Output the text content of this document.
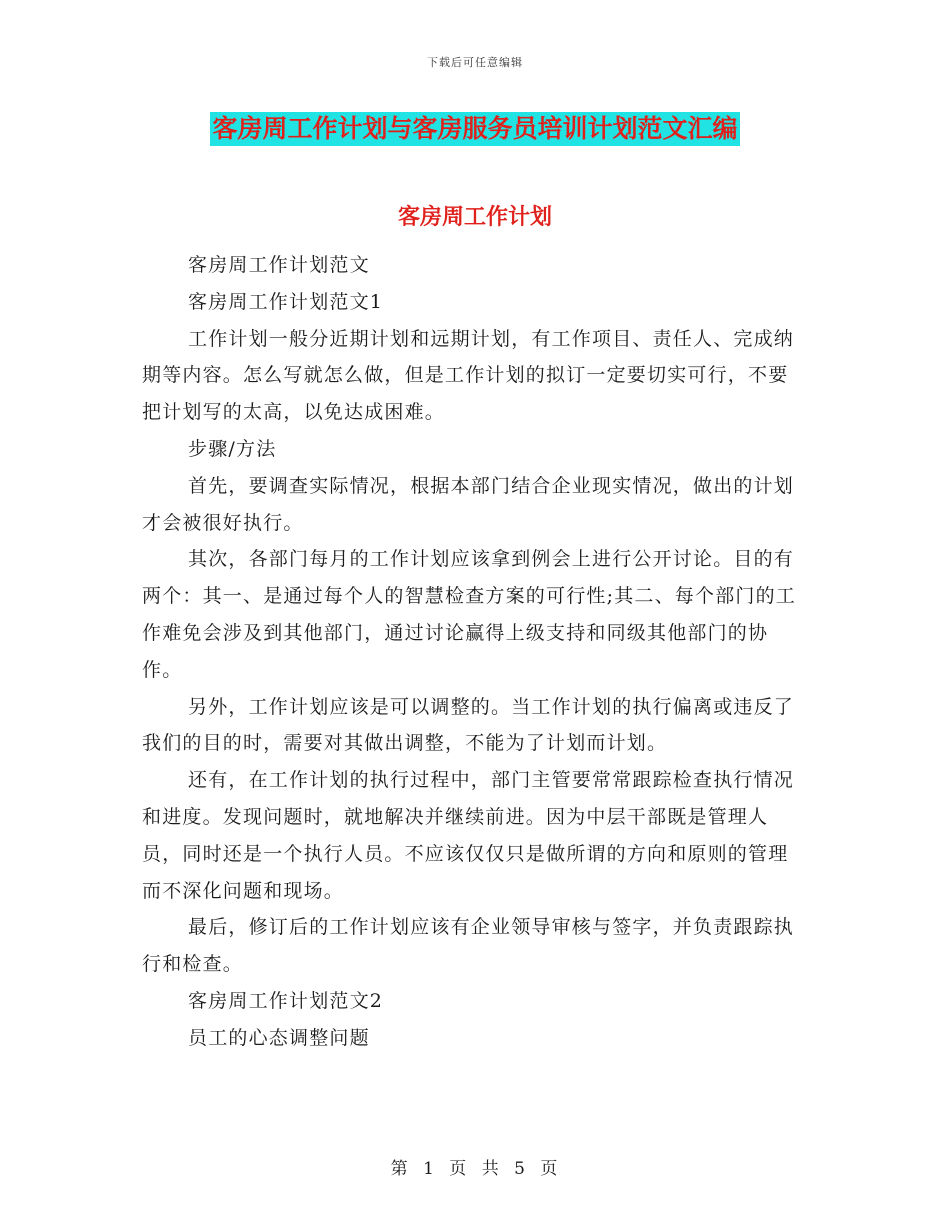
下载后可任意编辑
客房周工作计划与客房服务员培训计划范文汇编
客房周工作计划

客房周工作计划范文

客房周工作计划范文1

工作计划一般分近期计划和远期计划，有工作项目、责任人、完成纳期等内容。怎么写就怎么做，但是工作计划的拟订一定要切实可行，不要把计划写的太高，以免达成困难。

步骤/方法

首先，要调查实际情况，根据本部门结合企业现实情况，做出的计划才会被很好执行。

其次，各部门每月的工作计划应该拿到例会上进行公开讨论。目的有两个：其一、是通过每个人的智慧检查方案的可行性;其二、每个部门的工作难免会涉及到其他部门，通过讨论赢得上级支持和同级其他部门的协作。

另外，工作计划应该是可以调整的。当工作计划的执行偏离或违反了我们的目的时，需要对其做出调整，不能为了计划而计划。

还有，在工作计划的执行过程中，部门主管要常常跟踪检查执行情况和进度。发现问题时，就地解决并继续前进。因为中层干部既是管理人员，同时还是一个执行人员。不应该仅仅只是做所谓的方向和原则的管理而不深化问题和现场。

最后，修订后的工作计划应该有企业领导审核与签字，并负责跟踪执行和检查。

客房周工作计划范文2

员工的心态调整问题

第 1 页 共 5 页
